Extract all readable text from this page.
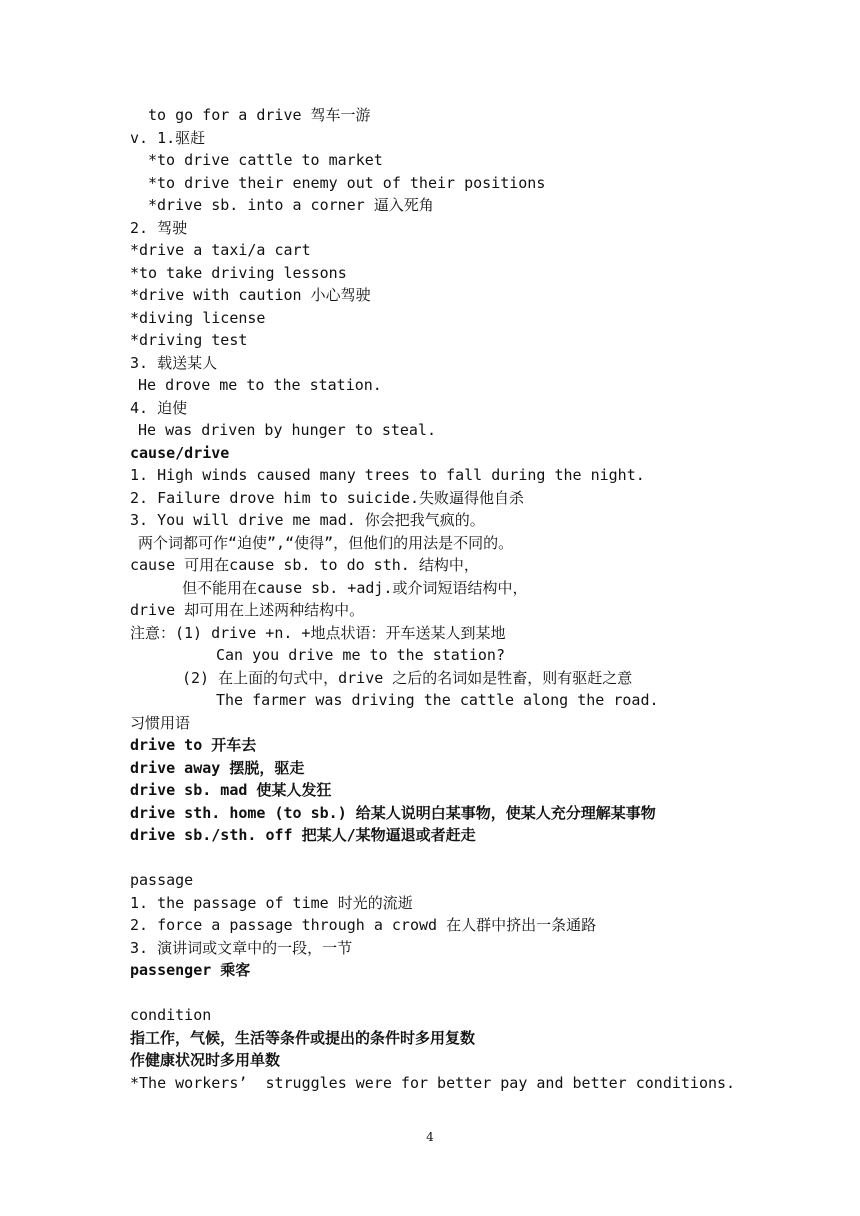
to go for a drive 驾车一游
v. 1.驱赶
*to drive cattle to market
*to drive their enemy out of their positions
*drive sb. into a corner 逼入死角
2. 驾驶
*drive a taxi/a cart
*to take driving lessons
*drive with caution 小心驾驶
*diving license
*driving test
3. 载送某人
He drove me to the station.
4. 迫使
He was driven by hunger to steal.
cause/drive
1. High winds caused many trees to fall during the night.
2. Failure drove him to suicide.失败逼得他自杀
3. You will drive me mad. 你会把我气疯的。
两个词都可作“迫使”,“使得”，但他们的用法是不同的。
cause 可用在cause sb. to do sth. 结构中，
但不能用在cause sb. +adj.或介词短语结构中，
drive 却可用在上述两种结构中。
注意：(1) drive +n. +地点状语：开车送某人到某地
Can you drive me to the station?
(2) 在上面的句式中，drive 之后的名词如是牲畜，则有驱赶之意
The farmer was driving the cattle along the road.
习惯用语
drive to 开车去
drive away 摆脱，驱走
drive sb. mad 使某人发狂
drive sth. home (to sb.) 给某人说明白某事物，使某人充分理解某事物
drive sb./sth. off 把某人/某物逼退或者赶走
passage
1. the passage of time 时光的流逝
2. force a passage through a crowd 在人群中挤出一条通路
3. 演讲词或文章中的一段，一节
passenger 乘客
condition
指工作，气候，生活等条件或提出的条件时多用复数
作健康状况时多用单数
*The workers’  struggles were for better pay and better conditions.
4
